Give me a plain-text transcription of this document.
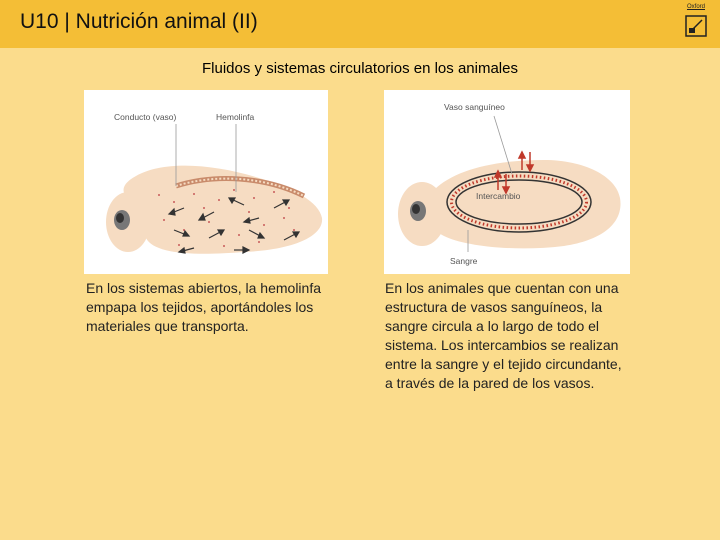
U10 | Nutrición animal (II)
Oxford
Fluidos y sistemas circulatorios en los animales
Conducto (vaso)	Hemolinfa
Vaso sanguíneo
Intercambio
Sangre
En los sistemas abiertos, la hemolinfa empapa los tejidos, aportándoles los materiales que transporta.
En los animales que cuentan con una estructura de vasos sanguíneos, la sangre circula a lo largo de todo el sistema. Los intercambios se realizan entre la sangre y el tejido circundante, a través de la pared de los vasos.
